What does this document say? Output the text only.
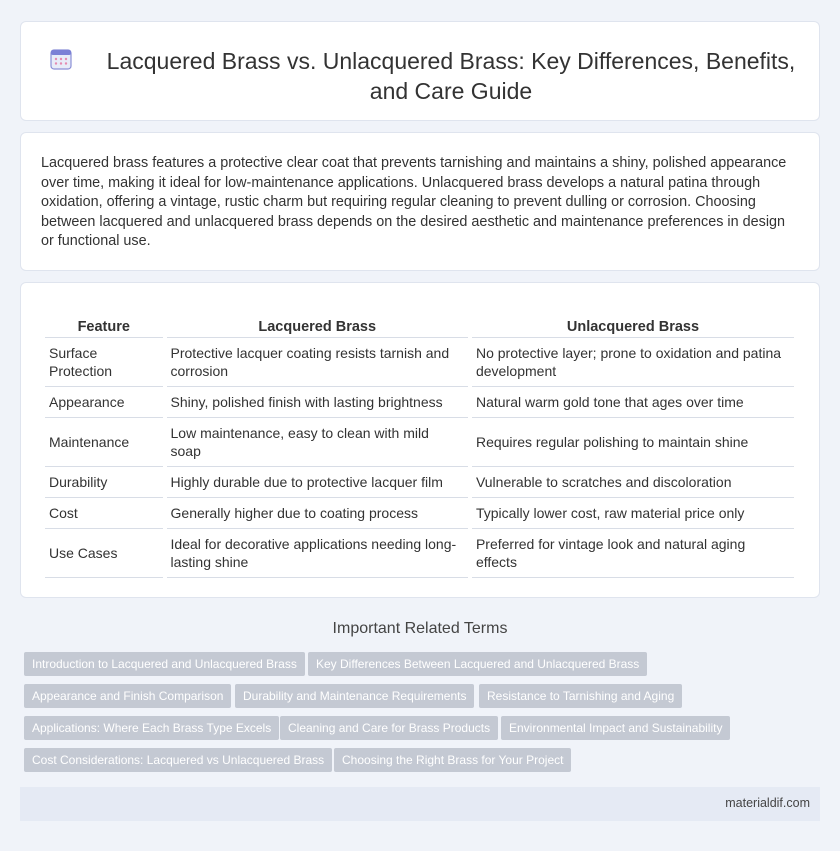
Lacquered Brass vs. Unlacquered Brass: Key Differences, Benefits, and Care Guide

Lacquered brass features a protective clear coat that prevents tarnishing and maintains a shiny, polished appearance over time, making it ideal for low-maintenance applications. Unlacquered brass develops a natural patina through oxidation, offering a vintage, rustic charm but requiring regular cleaning to prevent dulling or corrosion. Choosing between lacquered and unlacquered brass depends on the desired aesthetic and maintenance preferences in design or functional use.

Feature	Lacquered Brass	Unlacquered Brass
Surface Protection	Protective lacquer coating resists tarnish and corrosion	No protective layer; prone to oxidation and patina development
Appearance	Shiny, polished finish with lasting brightness	Natural warm gold tone that ages over time
Maintenance	Low maintenance, easy to clean with mild soap	Requires regular polishing to maintain shine
Durability	Highly durable due to protective lacquer film	Vulnerable to scratches and discoloration
Cost	Generally higher due to coating process	Typically lower cost, raw material price only
Use Cases	Ideal for decorative applications needing long-lasting shine	Preferred for vintage look and natural aging effects
Important Related Terms
Introduction to Lacquered and Unlacquered Brass	Key Differences Between Lacquered and Unlacquered Brass
Appearance and Finish Comparison	Durability and Maintenance Requirements	Resistance to Tarnishing and Aging
Applications: Where Each Brass Type Excels	Cleaning and Care for Brass Products	Environmental Impact and Sustainability
Cost Considerations: Lacquered vs Unlacquered Brass	Choosing the Right Brass for Your Project
materialdif.com
